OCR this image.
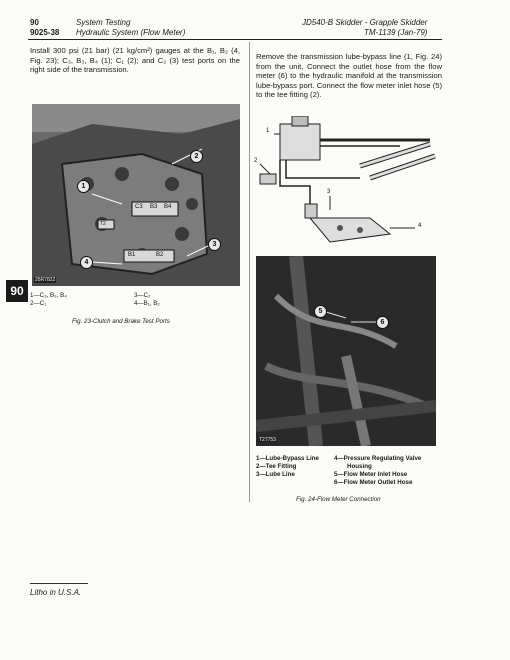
90	System Testing
9025-38 Hydraulic System (Flow Meter)
JD540-B Skidder - Grapple Skidder
TM-1139 (Jan-79)
Install 300 psi (21 bar) (21 kg/cm²) gauges at the B₁, B₂ (4, Fig. 23); C₃, B₃, B₄ (1); C₁ (2); and C₂ (3) test ports on the right side of the transmission.
1
2
3
4
C3 B3 B4
T2
B1	B2
25R7822
1—C₃, B₃, B₄
2—C₁
3—C₂
4—B₁, B₂
Fig. 23-Clutch and Brake Test Ports
90
Remove the transmission lube-bypass line (1, Fig. 24) from the unit. Connect the outlet hose from the flow meter (6) to the hydraulic manifold at the transmission lube-bypass port. Connect the flow meter inlet hose (5) to the tee fitting (2).
1
2
3
4
5
6
T27753
1—Lube-Bypass Line
2—Tee Fitting
3—Lube Line
4—Pressure Regulating Valve
Housing
5—Flow Meter Inlet Hose
6—Flow Meter Outlet Hose
Fig. 24-Flow Meter Connection
Litho in U.S.A.
